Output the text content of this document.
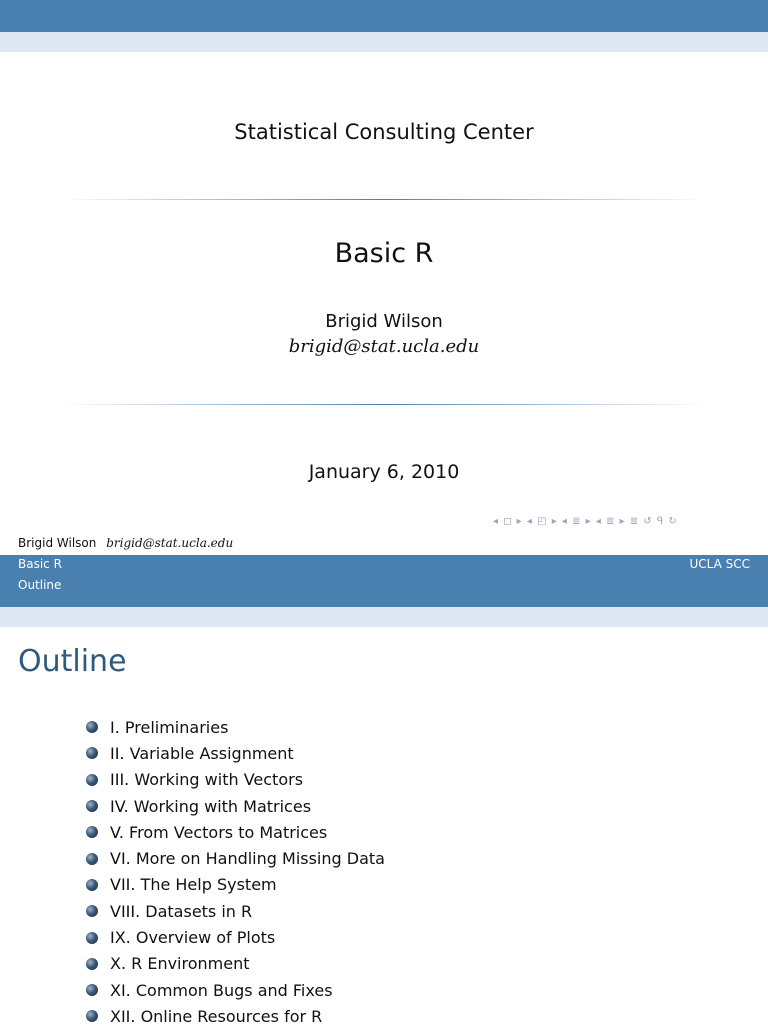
Statistical Consulting Center
Basic R
Brigid Wilson
brigid@stat.ucla.edu
January 6, 2010
◂ ◻ ▸ ◂ ◰ ▸ ◂ ≣ ▸ ◂ ≣ ▸ ≣ ↺ ᑫ ↻
Brigid Wilson brigid@stat.ucla.edu
Basic R	UCLA SCC
Outline
Outline
I. Preliminaries
II. Variable Assignment
III. Working with Vectors
IV. Working with Matrices
V. From Vectors to Matrices
VI. More on Handling Missing Data
VII. The Help System
VIII. Datasets in R
IX. Overview of Plots
X. R Environment
XI. Common Bugs and Fixes
XII. Online Resources for R
